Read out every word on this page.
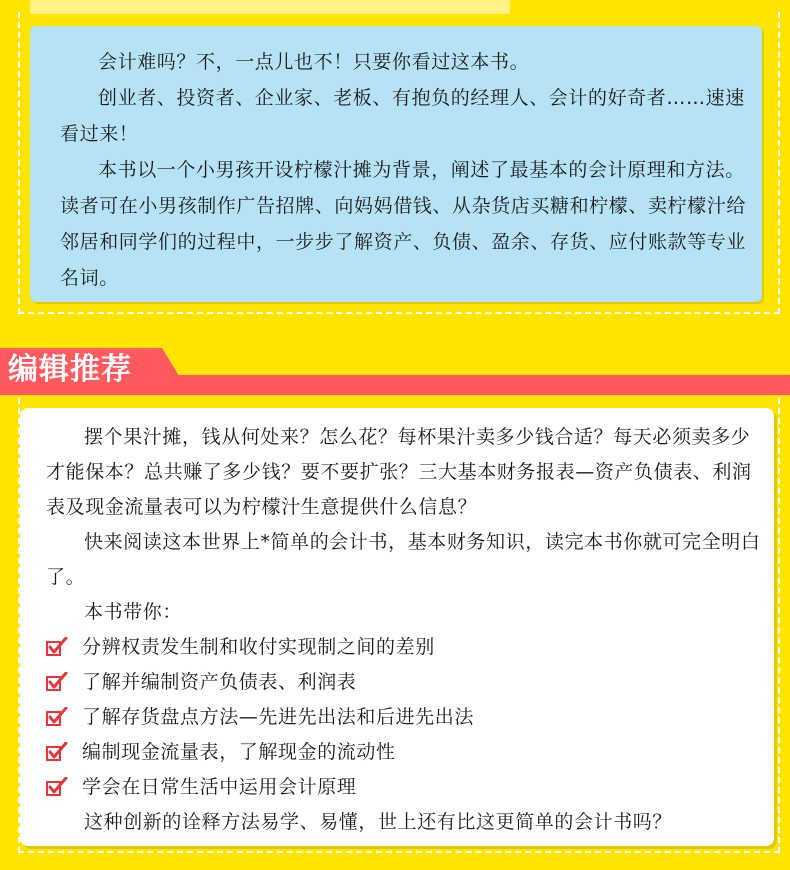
会计难吗？不，一点儿也不！只要你看过这本书。

创业者、投资者、企业家、老板、有抱负的经理人、会计的好奇者……速速看过来！

本书以一个小男孩开设柠檬汁摊为背景，阐述了最基本的会计原理和方法。读者可在小男孩制作广告招牌、向妈妈借钱、从杂货店买糖和柠檬、卖柠檬汁给邻居和同学们的过程中，一步步了解资产、负债、盈余、存货、应付账款等专业名词。

编辑推荐

摆个果汁摊，钱从何处来？怎么花？每杯果汁卖多少钱合适？每天必须卖多少才能保本？总共赚了多少钱？要不要扩张？三大基本财务报表—资产负债表、利润表及现金流量表可以为柠檬汁生意提供什么信息？

快来阅读这本世界上*简单的会计书，基本财务知识，读完本书你就可完全明白了。

本书带你：

分辨权责发生制和收付实现制之间的差别

了解并编制资产负债表、利润表

了解存货盘点方法—先进先出法和后进先出法

编制现金流量表，了解现金的流动性

学会在日常生活中运用会计原理

这种创新的诠释方法易学、易懂，世上还有比这更简单的会计书吗？
